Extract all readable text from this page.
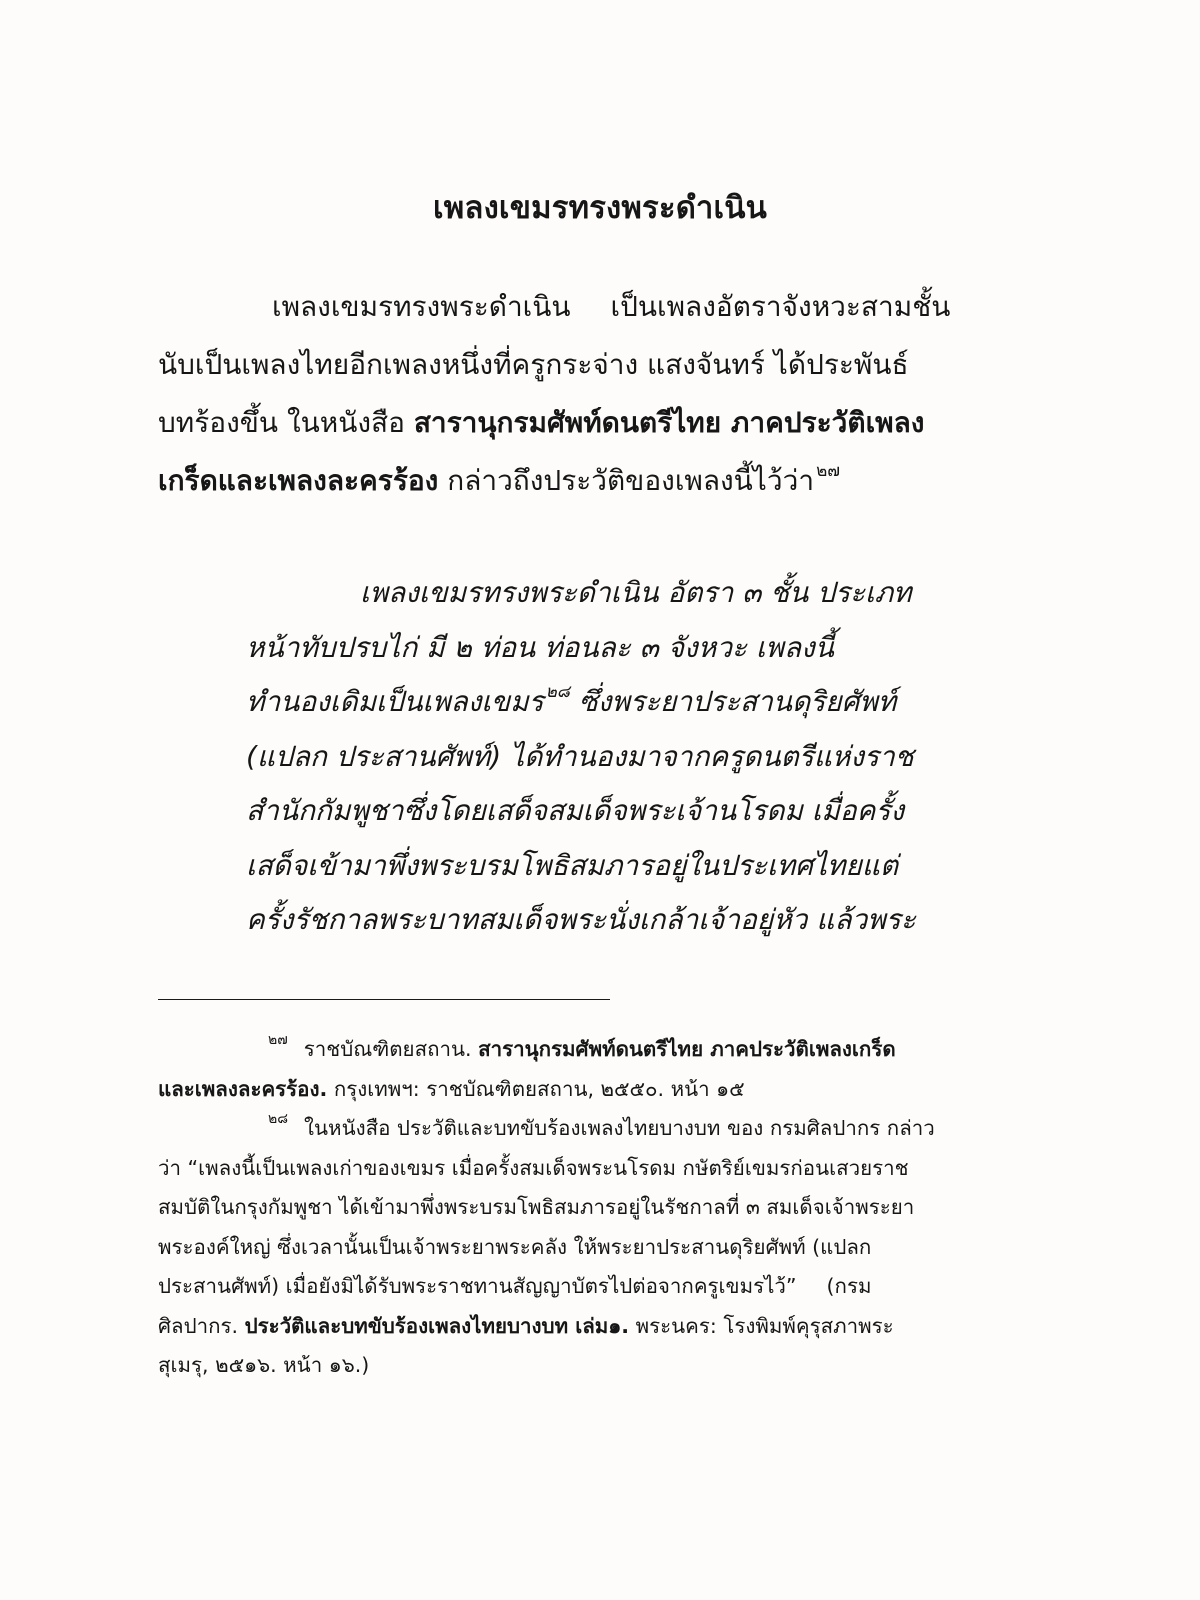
เพลงเขมรทรงพระดำเนิน

เพลงเขมรทรงพระดำเนิน เป็นเพลงอัตราจังหวะสามชั้น

นับเป็นเพลงไทยอีกเพลงหนึ่งที่ครูกระจ่าง แสงจันทร์ ได้ประพันธ์

บทร้องขึ้น ในหนังสือ สารานุกรมศัพท์ดนตรีไทย ภาคประวัติเพลง

เกร็ดและเพลงละครร้อง กล่าวถึงประวัติของเพลงนี้ไว้ว่า $^{๒๗}$

เพลงเขมรทรงพระดำเนิน อัตรา ๓ ชั้น ประเภท

หน้าทับปรบไก่ มี ๒ ท่อน ท่อนละ ๓ จังหวะ เพลงนี้

ทำนองเดิมเป็นเพลงเขมร $^{๒๘}$ ซึ่งพระยาประสานดุริยศัพท์

(แปลก ประสานศัพท์) ได้ทำนองมาจากครูดนตรีแห่งราช

สำนักกัมพูชาซึ่งโดยเสด็จสมเด็จพระเจ้านโรดม เมื่อครั้ง

เสด็จเข้ามาพึ่งพระบรมโพธิสมภารอยู่ในประเทศไทยแต่

ครั้งรัชกาลพระบาทสมเด็จพระนั่งเกล้าเจ้าอยู่หัว แล้วพระ

$^{๒๗}$ ราชบัณฑิตยสถาน. สารานุกรมศัพท์ดนตรีไทย ภาคประวัติเพลงเกร็ด

และเพลงละครร้อง. กรุงเทพฯ: ราชบัณฑิตยสถาน, ๒๕๕๐. หน้า ๑๕

$^{๒๘}$ ในหนังสือ ประวัติและบทขับร้องเพลงไทยบางบท ของ กรมศิลปากร กล่าว

ว่า “เพลงนี้เป็นเพลงเก่าของเขมร เมื่อครั้งสมเด็จพระนโรดม กษัตริย์เขมรก่อนเสวยราช

สมบัติในกรุงกัมพูชา ได้เข้ามาพึ่งพระบรมโพธิสมภารอยู่ในรัชกาลที่ ๓ สมเด็จเจ้าพระยา

พระองค์ใหญ่ ซึ่งเวลานั้นเป็นเจ้าพระยาพระคลัง ให้พระยาประสานดุริยศัพท์ (แปลก

ประสานศัพท์) เมื่อยังมิได้รับพระราชทานสัญญาบัตรไปต่อจากครูเขมรไว้” (กรม

ศิลปากร. ประวัติและบทขับร้องเพลงไทยบางบท เล่ม๑. พระนคร: โรงพิมพ์คุรุสภาพระ

สุเมรุ, ๒๕๑๖. หน้า ๑๖.)
